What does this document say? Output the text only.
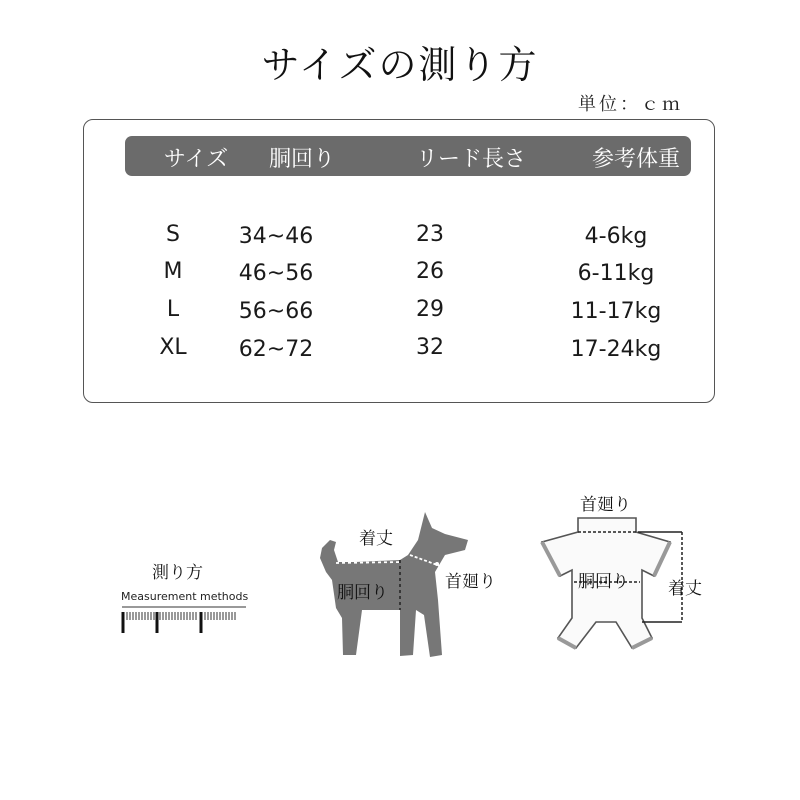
サイズの測り方
単位：ｃｍ
サイズ 胴回り	リード長さ	参考体重
S	34~46	23	4-6kg
M	46~56	26	6-11kg
L	56~66	29	11-17kg
XL 62~72	32	17-24kg
測り方
Measurement methods
着丈
胴回り
首廻り
首廻り
胴回り 着丈
